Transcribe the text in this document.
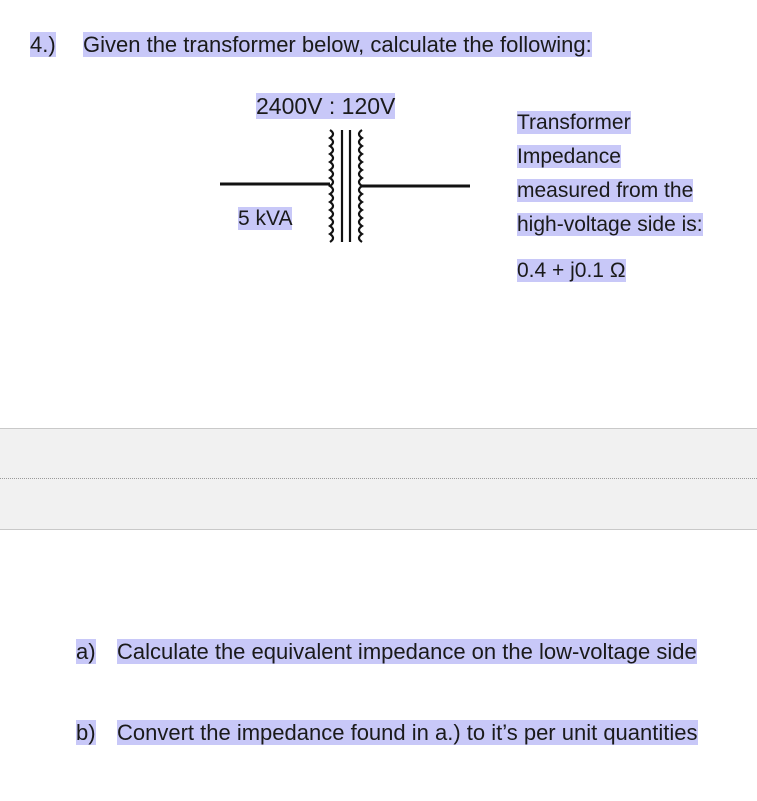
4.) Given the transformer below, calculate the following:
2400V : 120V
5 kVA
Transformer
Impedance
measured from the
high-voltage side is:
0.4 + j0.1 Ω
a) Calculate the equivalent impedance on the low-voltage side
b) Convert the impedance found in a.) to it’s per unit quantities
